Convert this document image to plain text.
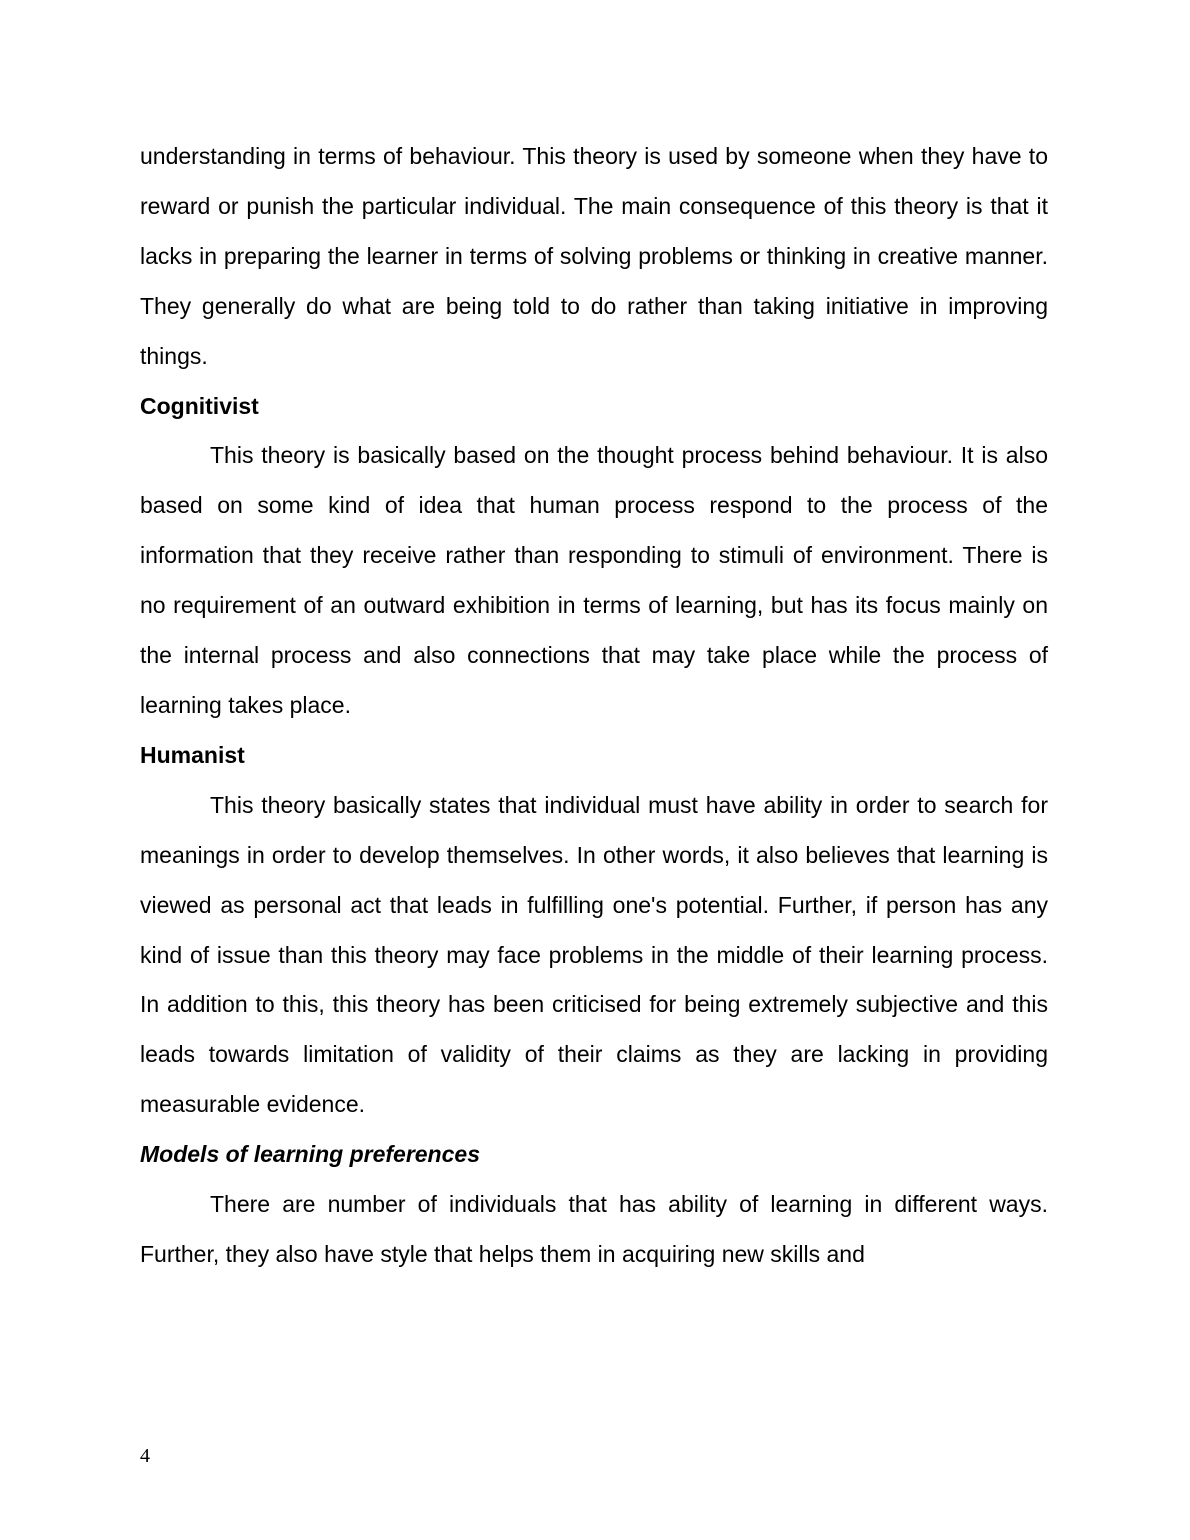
understanding in terms of behaviour. This theory is used by someone when they have to reward or punish the particular individual. The main consequence of this theory is that it lacks in preparing the learner in terms of solving problems or thinking in creative manner. They generally do what are being told to do rather than taking initiative in improving things.

Cognitivist

This theory is basically based on the thought process behind behaviour. It is also based on some kind of idea that human process respond to the process of the information that they receive rather than responding to stimuli of environment. There is no requirement of an outward exhibition in terms of learning, but has its focus mainly on the internal process and also connections that may take place while the process of learning takes place.

Humanist

This theory basically states that individual must have ability in order to search for meanings in order to develop themselves. In other words, it also believes that learning is viewed as personal act that leads in fulfilling one's potential. Further, if person has any kind of issue than this theory may face problems in the middle of their learning process. In addition to this, this theory has been criticised for being extremely subjective and this leads towards limitation of validity of their claims as they are lacking in providing measurable evidence.

Models of learning preferences

There are number of individuals that has ability of learning in different ways. Further, they also have style that helps them in acquiring new skills and

4
